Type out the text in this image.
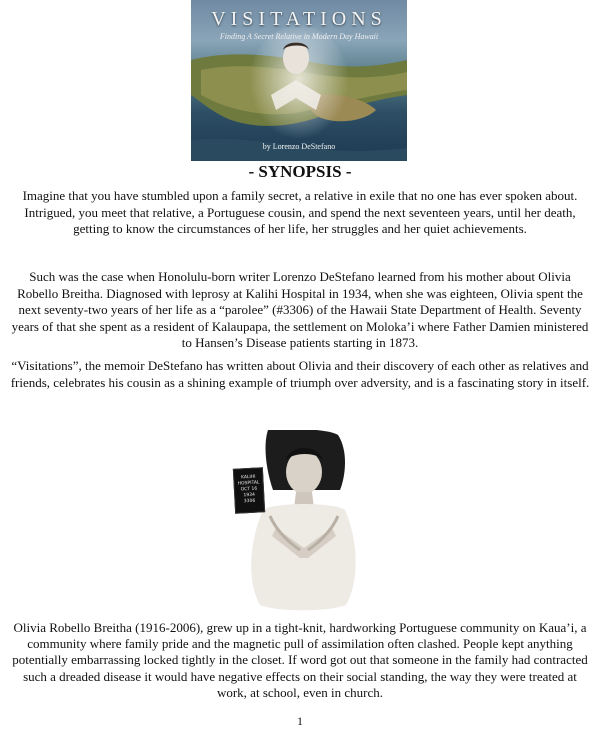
VISITATIONS
Finding A Secret Relative in Modern Day Hawaii
by Lorenzo DeStefano
- SYNOPSIS -

Imagine that you have stumbled upon a family secret, a relative in exile that no one has ever spoken about. Intrigued, you meet that relative, a Portuguese cousin, and spend the next seventeen years, until her death, getting to know the circumstances of her life, her struggles and her quiet achievements.

Such was the case when Honolulu-born writer Lorenzo DeStefano learned from his mother about Olivia Robello Breitha. Diagnosed with leprosy at Kalihi Hospital in 1934, when she was eighteen, Olivia spent the next seventy-two years of her life as a “parolee” (#3306) of the Hawaii State Department of Health. Seventy years of that she spent as a resident of Kalaupapa, the settlement on Moloka’i where Father Damien ministered to Hansen’s Disease patients starting in 1873.

“Visitations”, the memoir DeStefano has written about Olivia and their discovery of each other as relatives and friends, celebrates his cousin as a shining example of triumph over adversity, and is a fascinating story in itself.

KALIHI
HOSPITAL
OCT 16 1934
3306

Olivia Robello Breitha (1916-2006), grew up in a tight-knit, hardworking Portuguese community on Kaua’i, a community where family pride and the magnetic pull of assimilation often clashed. People kept anything potentially embarrassing locked tightly in the closet. If word got out that someone in the family had contracted such a dreaded disease it would have negative effects on their social standing, the way they were treated at work, at school, even in church.

1
